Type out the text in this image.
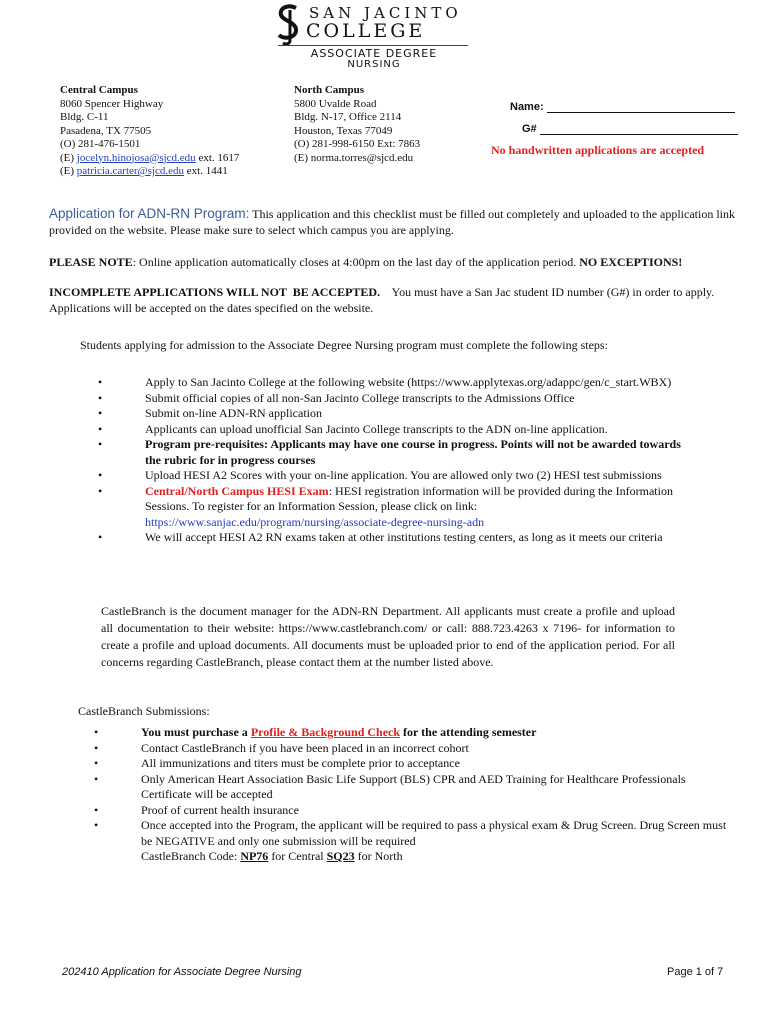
SAN JACINTO
COLLEGE
ASSOCIATE DEGREE
NURSING
Central Campus
8060 Spencer Highway
Bldg. C-11
Pasadena, TX 77505
(O) 281-476-1501
(E) jocelyn.hinojosa@sjcd.edu ext. 1617
(E) patricia.carter@sjcd.edu ext. 1441
North Campus
5800 Uvalde Road
Bldg. N-17, Office 2114
Houston, Texas 77049
(O) 281-998-6150 Ext: 7863
(E) norma.torres@sjcd.edu
Name:
G#
No handwritten applications are accepted
Application for ADN-RN Program: This application and this checklist must be filled out completely and uploaded to the application link provided on the website. Please make sure to select which campus you are applying.
PLEASE NOTE: Online application automatically closes at 4:00pm on the last day of the application period. NO EXCEPTIONS!
INCOMPLETE APPLICATIONS WILL NOT  BE ACCEPTED.    You must have a San Jac student ID number (G#) in order to apply. Applications will be accepted on the dates specified on the website.
Students applying for admission to the Associate Degree Nursing program must complete the following steps:
• Apply to San Jacinto College at the following website (https://www.applytexas.org/adappc/gen/c_start.WBX)
• Submit official copies of all non-San Jacinto College transcripts to the Admissions Office
• Submit on-line ADN-RN application
• Applicants can upload unofficial San Jacinto College transcripts to the ADN on-line application.
• Program pre-requisites: Applicants may have one course in progress. Points will not be awarded towards the rubric for in progress courses
• Upload HESI A2 Scores with your on-line application. You are allowed only two (2) HESI test submissions
• Central/North Campus HESI Exam: HESI registration information will be provided during the Information Sessions. To register for an Information Session, please click on link: https://www.sanjac.edu/program/nursing/associate-degree-nursing-adn
• We will accept HESI A2 RN exams taken at other institutions testing centers, as long as it meets our criteria
CastleBranch is the document manager for the ADN-RN Department. All applicants must create a profile and upload all documentation to their website: https://www.castlebranch.com/ or call: 888.723.4263 x 7196- for information to create a profile and upload documents. All documents must be uploaded prior to end of the application period. For all concerns regarding CastleBranch, please contact them at the number listed above.
CastleBranch Submissions:
• You must purchase a Profile & Background Check for the attending semester
• Contact CastleBranch if you have been placed in an incorrect cohort
• All immunizations and titers must be complete prior to acceptance
• Only American Heart Association Basic Life Support (BLS) CPR and AED Training for Healthcare Professionals Certificate will be accepted
• Proof of current health insurance
• Once accepted into the Program, the applicant will be required to pass a physical exam & Drug Screen. Drug Screen must be NEGATIVE and only one submission will be required
CastleBranch Code: NP76 for Central SQ23 for North
202410 Application for Associate Degree Nursing	Page 1 of 7
